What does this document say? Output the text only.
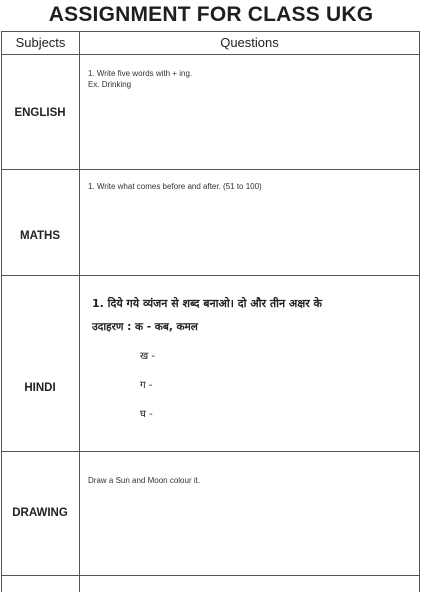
ASSIGNMENT FOR CLASS UKG
Subjects	Questions
ENGLISH
1. Write five words with + ing.
Ex. Drinking
MATHS
1. Write what comes before and after. (51 to 100)
HINDI
1. दिये गये व्यंजन से शब्द बनाओ। दो और तीन अक्षर के
उदाहरण : क - कब, कमल
ख -
ग -
घ -
DRAWING
Draw a Sun and Moon colour it.
